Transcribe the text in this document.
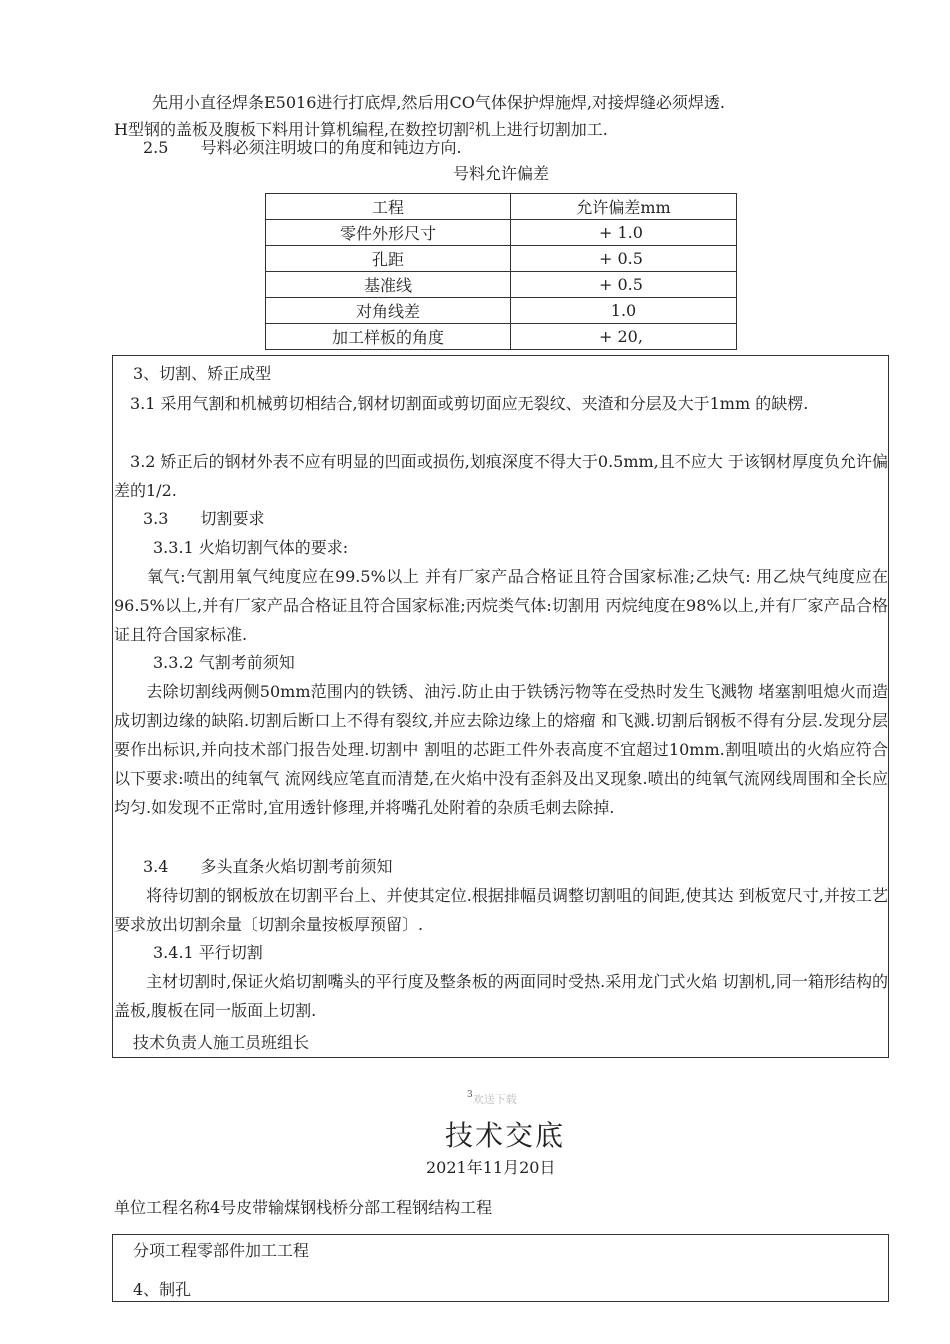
先用小直径焊条E5016进行打底焊,然后用CO气体保护焊施焊,对接焊缝必须焊透.
H型钢的盖板及腹板下料用计算机编程,在数控切割$^2$机上进行切割加工.
2.5　　号料必须注明坡口的角度和钝边方向.
号料允许偏差
工程	允许偏差mm
零件外形尺寸	+ 1.0
孔距	+ 0.5
基准线	+ 0.5
对角线差	1.0
加工样板的角度	+ 20,
3、切割、矫正成型
　3.1 采用气割和机械剪切相结合,钢材切割面或剪切面应无裂纹、夹渣和分层及大于1mm 的缺楞.
　3.2 矫正后的钢材外表不应有明显的凹面或损伤,划痕深度不得大于0.5mm,且不应大 于该钢材厚度负允许偏差的1/2.
3.3　　切割要求
3.3.1 火焰切割气体的要求:
　　氧气:气割用氧气纯度应在99.5%以上 并有厂家产品合格证且符合国家标准;乙炔气: 用乙炔气纯度应在96.5%以上,并有厂家产品合格证且符合国家标准;丙烷类气体:切割用 丙烷纯度在98%以上,并有厂家产品合格证且符合国家标准.
3.3.2 气割考前须知
　　去除切割线两侧50mm范围内的铁锈、油污.防止由于铁锈污物等在受热时发生飞溅物 堵塞割咀熄火而造成切割边缘的缺陷.切割后断口上不得有裂纹,并应去除边缘上的熔瘤 和飞溅.切割后钢板不得有分层.发现分层要作出标识,并向技术部门报告处理.切割中 割咀的芯距工件外表高度不宜超过10mm.割咀喷出的火焰应符合以下要求:喷出的纯氧气 流网线应笔直而清楚,在火焰中没有歪斜及出叉现象.喷出的纯氧气流网线周围和全长应 均匀.如发现不正常时,宜用透针修理,并将嘴孔处附着的杂质毛刺去除掉.
3.4　　多头直条火焰切割考前须知
　　将待切割的钢板放在切割平台上、并使其定位.根据排幅员调整切割咀的间距,使其达 到板宽尺寸,并按工艺要求放出切割余量〔切割余量按板厚预留〕.
3.4.1 平行切割
　　主材切割时,保证火焰切割嘴头的平行度及整条板的两面同时受热.采用龙门式火焰 切割机,同一箱形结构的盖板,腹板在同一版面上切割.
技术负责人施工员班组长
$^3$欢送下载
技术交底
2021年11月20日
单位工程名称4号皮带输煤钢栈桥分部工程钢结构工程
分项工程零部件加工工程
4、制孔
